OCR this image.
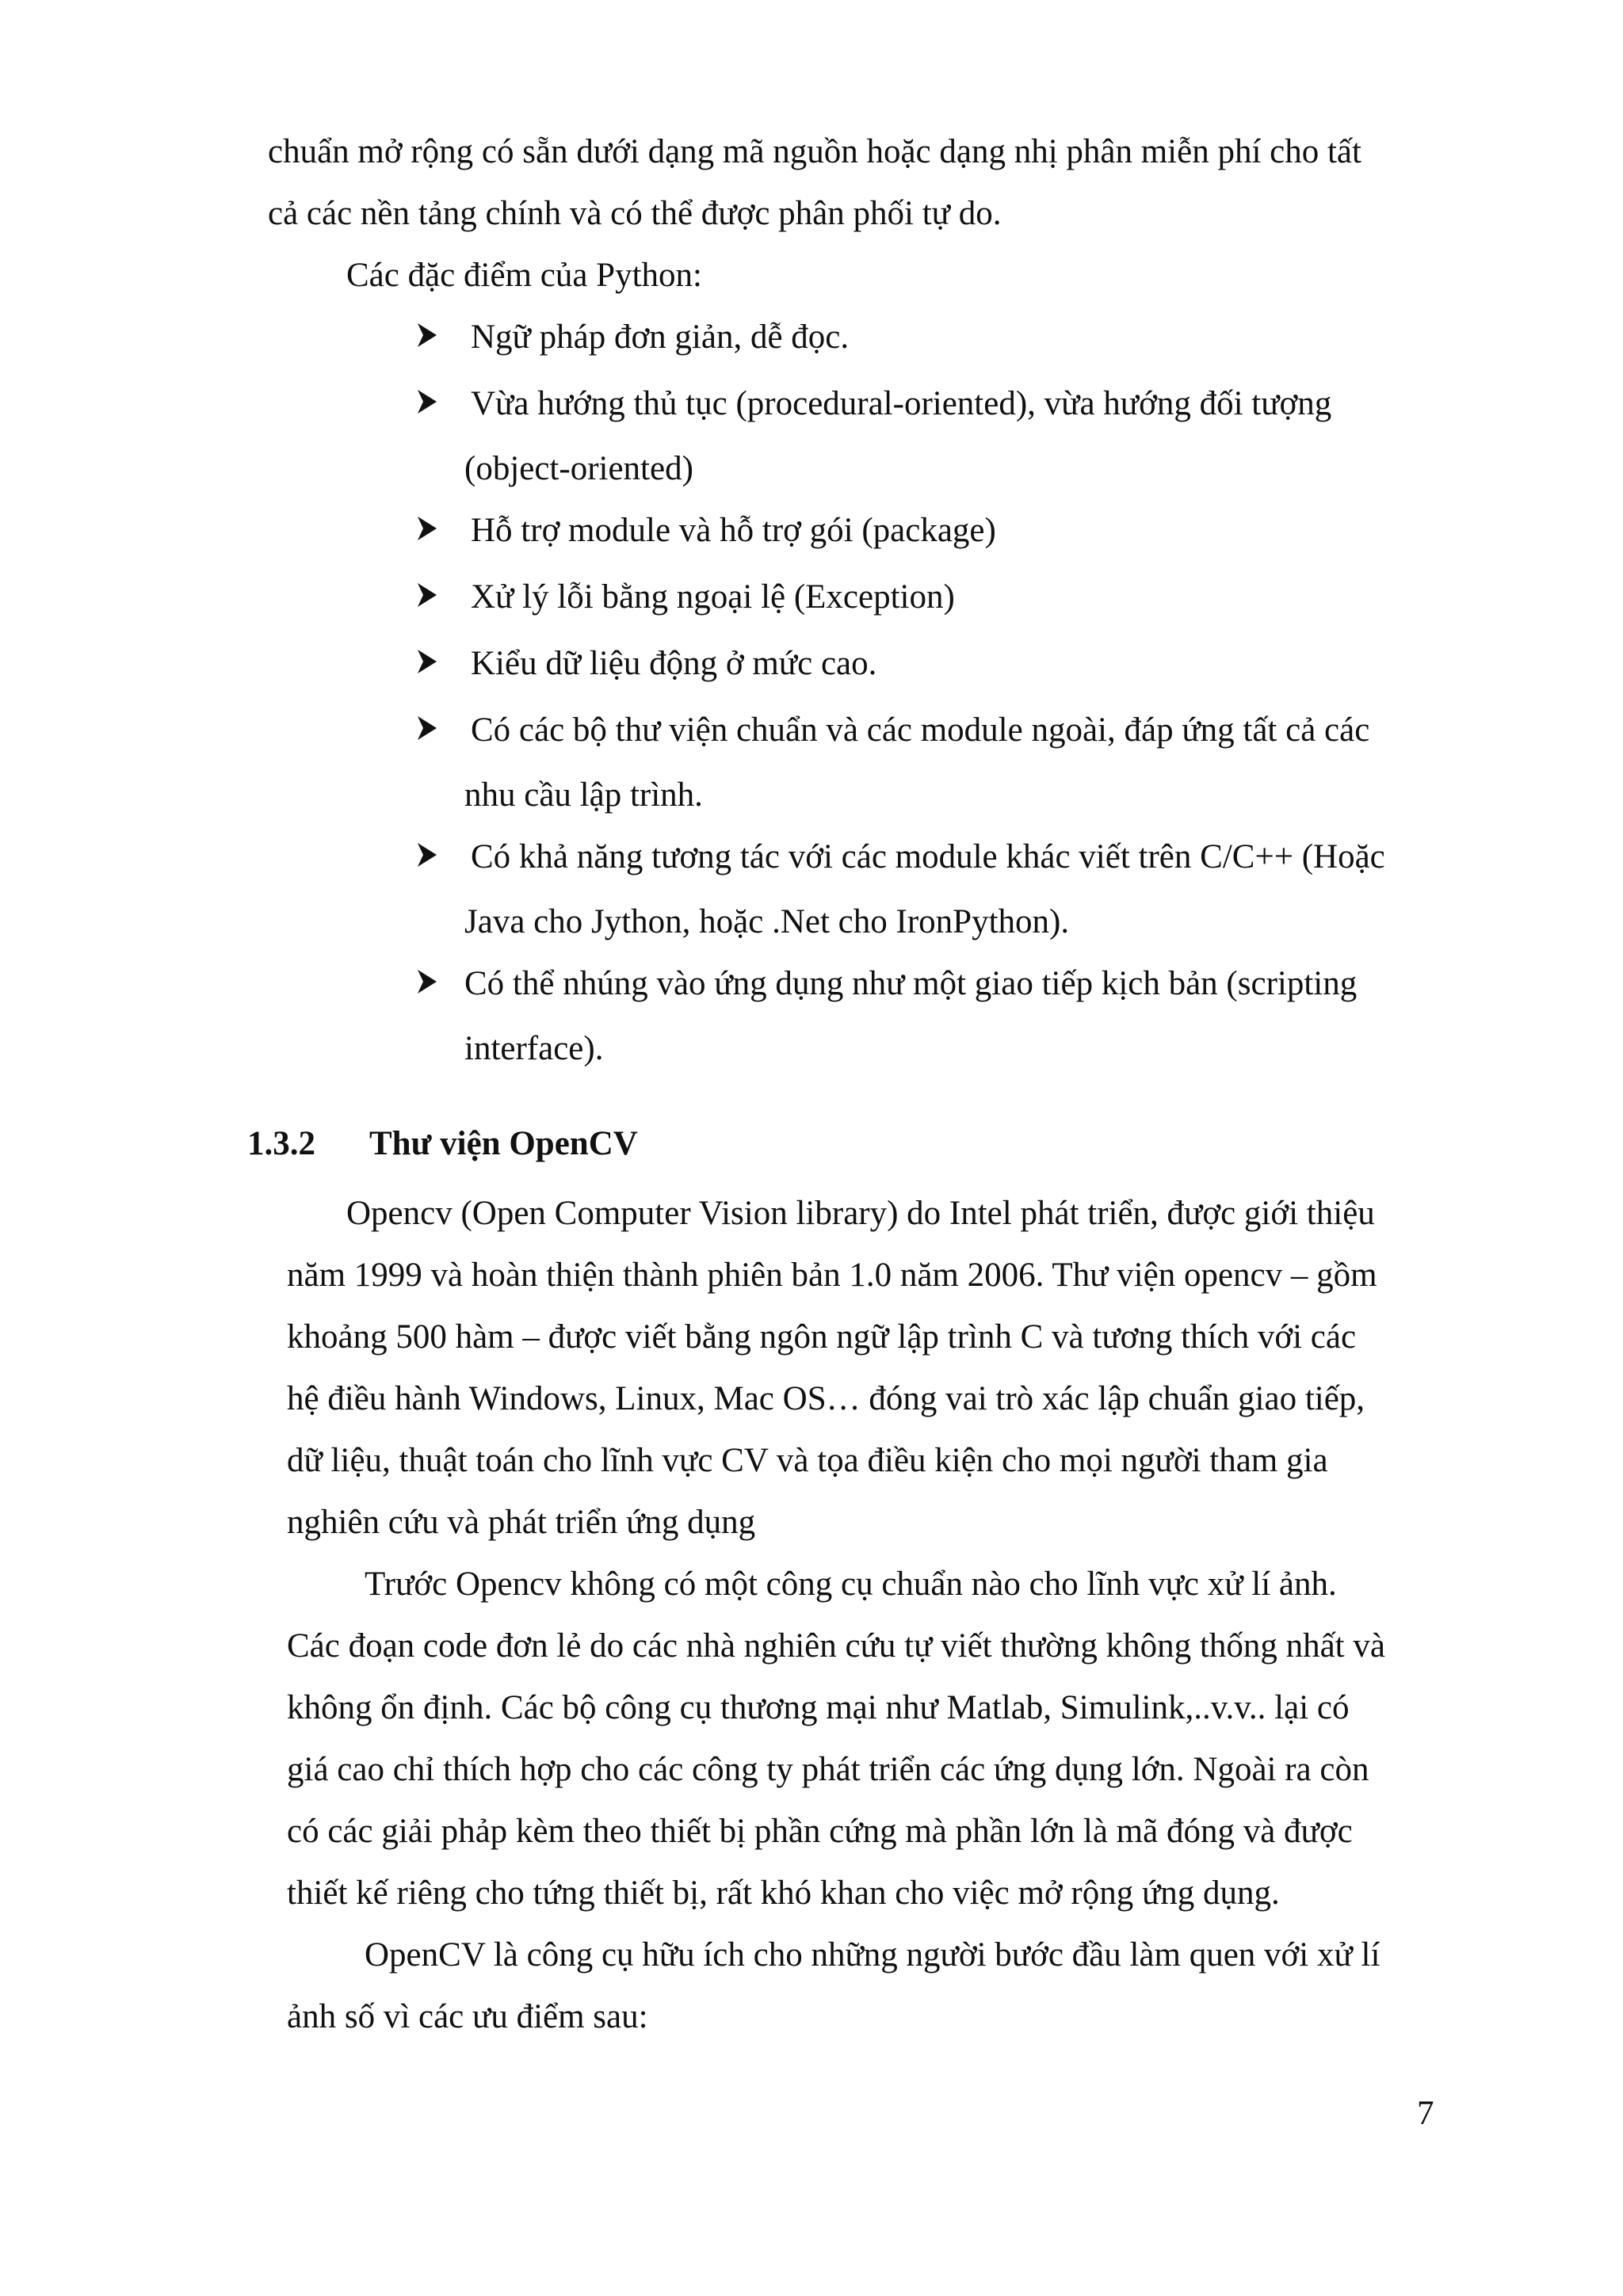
chuẩn mở rộng có sẵn dưới dạng mã nguồn hoặc dạng nhị phân miễn phí cho tất
cả các nền tảng chính và có thể được phân phối tự do.
Các đặc điểm của Python:
Ngữ pháp đơn giản, dễ đọc.
Vừa hướng thủ tục (procedural-oriented), vừa hướng đối tượng
(object-oriented)
Hỗ trợ module và hỗ trợ gói (package)
Xử lý lỗi bằng ngoại lệ (Exception)
Kiểu dữ liệu động ở mức cao.
Có các bộ thư viện chuẩn và các module ngoài, đáp ứng tất cả các
nhu cầu lập trình.
Có khả năng tương tác với các module khác viết trên C/C++ (Hoặc
Java cho Jython, hoặc .Net cho IronPython).
Có thể nhúng vào ứng dụng như một giao tiếp kịch bản (scripting
interface).
1.3.2 Thư viện OpenCV
Opencv (Open Computer Vision library) do Intel phát triển, được giới thiệu
năm 1999 và hoàn thiện thành phiên bản 1.0 năm 2006. Thư viện opencv – gồm
khoảng 500 hàm – được viết bằng ngôn ngữ lập trình C và tương thích với các
hệ điều hành Windows, Linux, Mac OS… đóng vai trò xác lập chuẩn giao tiếp,
dữ liệu, thuật toán cho lĩnh vực CV và tọa điều kiện cho mọi người tham gia
nghiên cứu và phát triển ứng dụng
Trước Opencv không có một công cụ chuẩn nào cho lĩnh vực xử lí ảnh.
Các đoạn code đơn lẻ do các nhà nghiên cứu tự viết thường không thống nhất và
không ổn định. Các bộ công cụ thương mại như Matlab, Simulink,..v.v.. lại có
giá cao chỉ thích hợp cho các công ty phát triển các ứng dụng lớn. Ngoài ra còn
có các giải phảp kèm theo thiết bị phần cứng mà phần lớn là mã đóng và được
thiết kế riêng cho tứng thiết bị, rất khó khan cho việc mở rộng ứng dụng.
OpenCV là công cụ hữu ích cho những người bước đầu làm quen với xử lí
ảnh số vì các ưu điểm sau:
7
